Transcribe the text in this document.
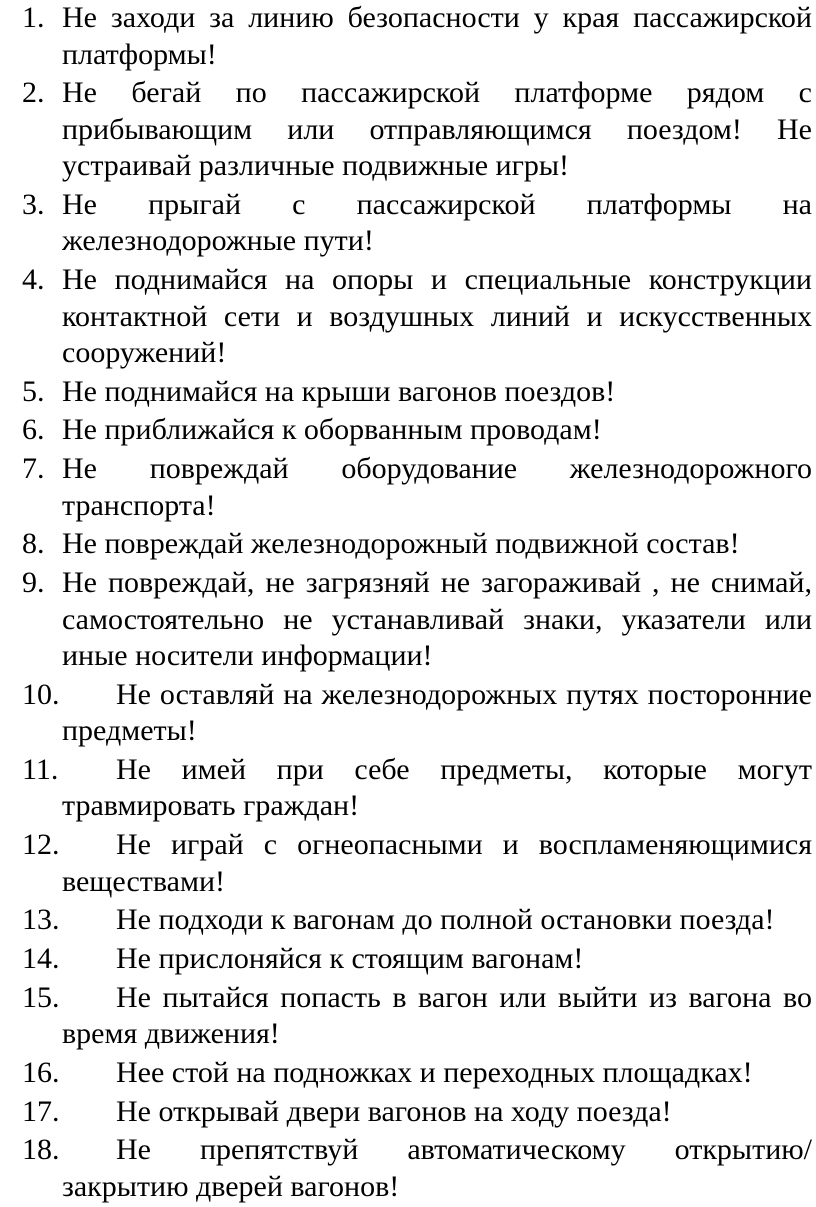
1. Не заходи за линию безопасности у края пассажирской платформы!
2. Не бегай по пассажирской платформе рядом с прибывающим или отправляющимся поездом! Не устраивай различные подвижные игры!
3. Не прыгай с пассажирской платформы на железнодорожные пути!
4. Не поднимайся на опоры и специальные конструкции контактной сети и воздушных линий и искусственных сооружений!
5. Не поднимайся на крыши вагонов поездов!
6. Не приближайся к оборванным проводам!
7. Не повреждай оборудование железнодорожного транспорта!
8. Не повреждай железнодорожный подвижной состав!
9. Не повреждай, не загрязняй не загораживай , не снимай, самостоятельно не устанавливай знаки, указатели или иные носители информации!
10. Не оставляй на железнодорожных путях посторонние предметы!
11. Не имей при себе предметы, которые могут травмировать граждан!
12. Не играй с огнеопасными и воспламеняющимися веществами!
13. Не подходи к вагонам до полной остановки поезда!
14. Не прислоняйся к стоящим вагонам!
15. Не пытайся попасть в вагон или выйти из вагона во время движения!
16. Нее стой на подножках и переходных площадках!
17. Не открывай двери вагонов на ходу поезда!
18. Не препятствуй автоматическому открытию/закрытию дверей вагонов!
